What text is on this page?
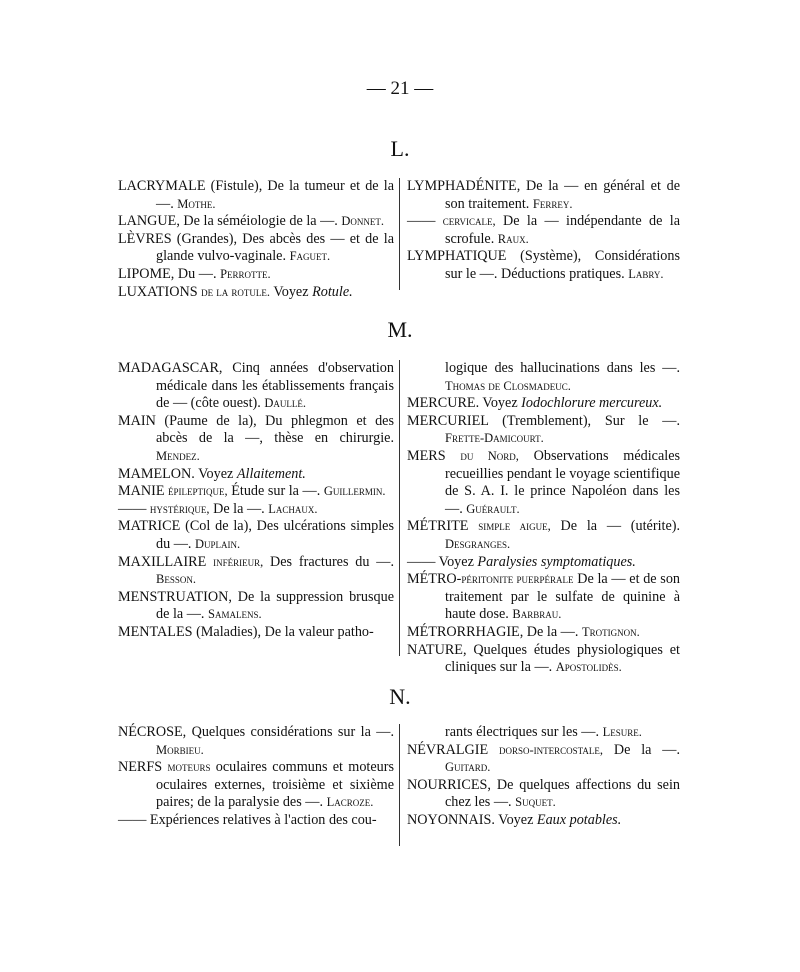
— 21 —
L.

LACRYMALE (Fistule), De la tumeur et de la —. Mothe.

LANGUE, De la séméiologie de la —. Donnet.

LÈVRES (Grandes), Des abcès des — et de la glande vulvo-vaginale. Faguet.

LIPOME, Du —. Perrotte.

LUXATIONS de la rotule. Voyez Rotule.

LYMPHADÉNITE, De la — en général et de son traitement. Ferrey.

—— cervicale, De la — indépendante de la scrofule. Raux.

LYMPHATIQUE (Système), Considérations sur le —. Déductions pratiques. Labry.

M.

MADAGASCAR, Cinq années d'observation médicale dans les établissements français de — (côte ouest). Daullé.

MAIN (Paume de la), Du phlegmon et des abcès de la —, thèse en chirurgie. Mendez.

MAMELON. Voyez Allaitement.

MANIE épileptique, Étude sur la —. Guillermin.

—— hystérique, De la —. Lachaux.

MATRICE (Col de la), Des ulcérations simples du —. Duplain.

MAXILLAIRE inférieur, Des fractures du —. Besson.

MENSTRUATION, De la suppression brusque de la —. Samalens.

MENTALES (Maladies), De la valeur patho-

logique des hallucinations dans les —. Thomas de Closmadeuc.

MERCURE. Voyez Iodochlorure mercureux.

MERCURIEL (Tremblement), Sur le —. Frette-Damicourt.

MERS du Nord, Observations médicales recueillies pendant le voyage scientifique de S. A. I. le prince Napoléon dans les —. Guérault.

MÉTRITE simple aigue, De la — (utérite). Desgranges.

—— Voyez Paralysies symptomatiques.

MÉTRO-péritonite puerpérale De la — et de son traitement par le sulfate de quinine à haute dose. Barbrau.

MÉTRORRHAGIE, De la —. Trotignon.

NATURE, Quelques études physiologiques et cliniques sur la —. Apostolidès.

N.

NÉCROSE, Quelques considérations sur la —. Morbieu.

NERFS moteurs oculaires communs et moteurs oculaires externes, troisième et sixième paires; de la paralysie des —. Lacroze.

—— Expériences relatives à l'action des cou-

rants électriques sur les —. Lesure.

NÉVRALGIE dorso-intercostale, De la —. Guitard.

NOURRICES, De quelques affections du sein chez les —. Suquet.

NOYONNAIS. Voyez Eaux potables.
